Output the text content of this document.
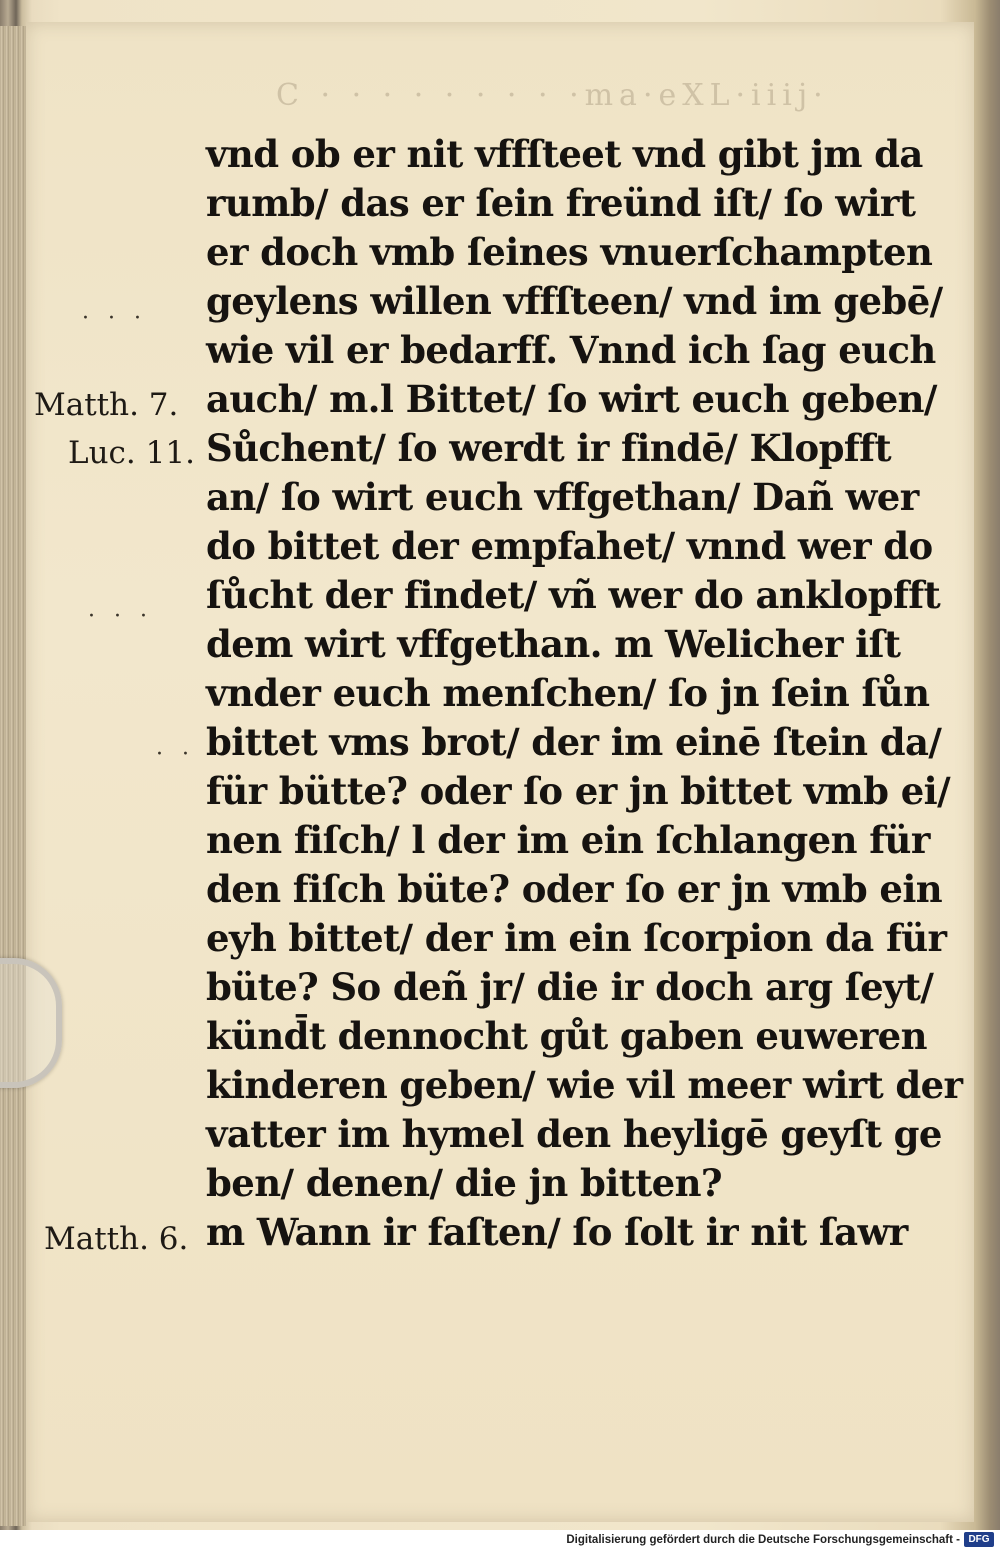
C · · · · · · · · ·ma·eXL·iiij·
· · ·
· · ·
· · ·
Matth. 7.
Luc. 11.
Matth. 6.
vnd ob er nit vffſteet vnd gibt jm da
rumb/ das er ſein freünd iſt/ ſo wirt
er doch vmb ſeines vnuerſchampten
geylens willen vffſteen/ vnd im gebē/
wie vil er bedarff. Vnnd ich ſag euch
auch/ m.l Bittet/ ſo wirt euch geben/
Sůchent/ ſo werdt ir findē/ Klopfft
an/ ſo wirt euch vffgethan/ Dañ wer
do bittet der empfahet/ vnnd wer do
ſůcht der findet/ vñ wer do anklopfft
dem wirt vffgethan. m Welicher iſt
vnder euch menſchen/ ſo jn ſein ſůn
bittet vms brot/ der im einē ſtein da/
für bütte? oder ſo er jn bittet vmb ei/
nen fiſch/ l der im ein ſchlangen für
den fiſch büte? oder ſo er jn vmb ein
eyh bittet/ der im ein ſcorpion da für
büte? So deñ jr/ die ir doch arg ſeyt/
künd̄t dennocht gůt gaben euweren
kinderen geben/ wie vil meer wirt der
vatter im hymel den heyligē geyſt ge
ben/ denen/ die jn bitten?
m Wann ir faſten/ ſo ſolt ir nit ſawr
Digitalisierung gefördert durch die Deutsche Forschungsgemeinschaft - DFG
